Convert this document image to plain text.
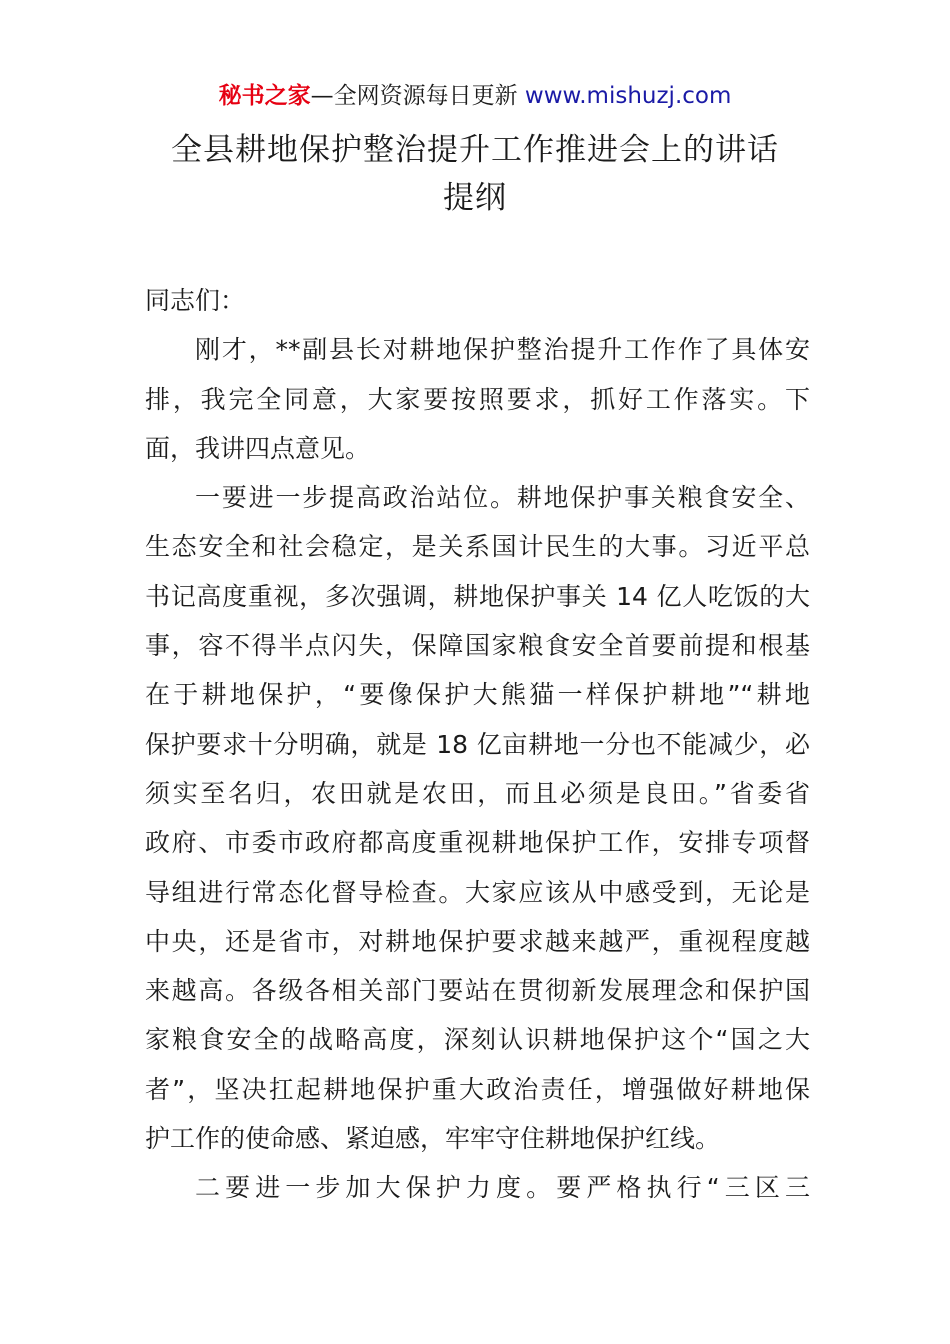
秘书之家—全网资源每日更新 www.mishuzj.com
全县耕地保护整治提升工作推进会上的讲话
提纲
同志们：
刚才，**副县长对耕地保护整治提升工作作了具体安
排，我完全同意，大家要按照要求，抓好工作落实。下
面，我讲四点意见。
一要进一步提高政治站位。耕地保护事关粮食安全、
生态安全和社会稳定，是关系国计民生的大事。习近平总
书记高度重视，多次强调，耕地保护事关 14 亿人吃饭的大
事，容不得半点闪失，保障国家粮食安全首要前提和根基
在于耕地保护，“要像保护大熊猫一样保护耕地”“耕地
保护要求十分明确，就是 18 亿亩耕地一分也不能减少，必
须实至名归，农田就是农田，而且必须是良田。”省委省
政府、市委市政府都高度重视耕地保护工作，安排专项督
导组进行常态化督导检查。大家应该从中感受到，无论是
中央，还是省市，对耕地保护要求越来越严，重视程度越
来越高。各级各相关部门要站在贯彻新发展理念和保护国
家粮食安全的战略高度，深刻认识耕地保护这个“国之大
者”，坚决扛起耕地保护重大政治责任，增强做好耕地保
护工作的使命感、紧迫感，牢牢守住耕地保护红线。
二要进一步加大保护力度。要严格执行“三区三
